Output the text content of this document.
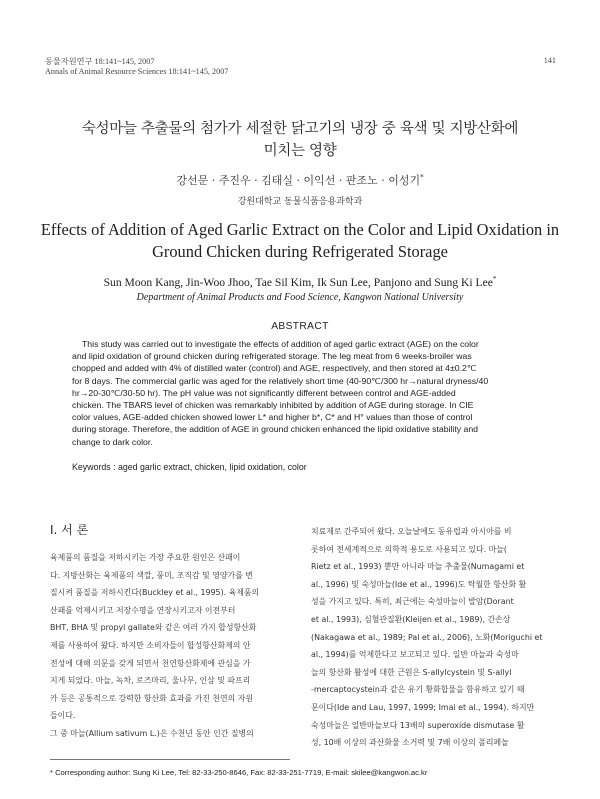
동물자원연구 18:141~145, 2007
Annals of Animal Resource Sciences 18:141~145, 2007
141
숙성마늘 추출물의 첨가가 세절한 닭고기의 냉장 중 육색 및 지방산화에
미치는 영향
강선문 · 주진우 · 김태실 · 이익선 · 판조노 · 이성기*
강원대학교 동물식품응용과학과
Effects of Addition of Aged Garlic Extract on the Color and Lipid Oxidation in
Ground Chicken during Refrigerated Storage
Sun Moon Kang, Jin-Woo Jhoo, Tae Sil Kim, Ik Sun Lee, Panjono and Sung Ki Lee*
Department of Animal Products and Food Science, Kangwon National University
ABSTRACT

This study was carried out to investigate the effects of addition of aged garlic extract (AGE) on the color

and lipid oxidation of ground chicken during refrigerated storage. The leg meat from 6 weeks-broiler was

chopped and added with 4% of distilled water (control) and AGE, respectively, and then stored at 4±0.2℃

for 8 days. The commercial garlic was aged for the relatively short time (40-90℃/300 hr→natural dryness/40

hr→20-30℃/30-50 hr). The pH value was not significantly different between control and AGE-added

chicken. The TBARS level of chicken was remarkably inhibited by addition of AGE during storage. In CIE

color values, AGE-added chicken showed lower L* and higher b*, C* and H° values than those of control

during storage. Therefore, the addition of AGE in ground chicken enhanced the lipid oxidative stability and

change to dark color.

Keywords : aged garlic extract, chicken, lipid oxidation, color
Ⅰ. 서 론

육제품의 품질을 저하시키는 가장 주요한 원인은 산패이

다. 지방산화는 육제품의 색깔, 풍미, 조직감 및 영양가를 변

질시켜 품질을 저하시킨다(Buckley et al., 1995). 육제품의

산패를 억제시키고 저장수명을 연장시키고자 이전부터

BHT, BHA 및 propyl gallate와 같은 여러 가지 합성항산화

제를 사용하여 왔다. 하지만 소비자들이 합성항산화제의 안

전성에 대해 의문을 갖게 되면서 천연항산화제에 관심을 가

지게 되었다. 마늘, 녹차, 로즈마리, 울나무, 인삼 및 파프리

카 등은 공통적으로 강력한 항산화 효과를 가진 천연의 자원

들이다.

그 중 마늘(Allium sativum L.)은 수천년 동안 인간 질병의

치료제로 간주되어 왔다. 오늘날에도 동유럽과 아시아를 비

롯하여 전세계적으로 의학적 용도로 사용되고 있다. 마늘(

Rietz et al., 1993) 뿐만 아니라 마늘 추출물(Numagami et

al., 1996) 및 숙성마늘(Ide et al., 1996)도 탁월한 항산화 활

성을 가지고 있다. 특히, 최근에는 숙성마늘이 발암(Dorant

et al., 1993), 심혈관질환(Kleijen et al., 1989), 간손상

(Nakagawa et al., 1989; Pal et al., 2006), 노화(Moriguchi et

al., 1994)를 억제한다고 보고되고 있다. 일반 마늘과 숙성마

늘의 항산화 활성에 대한 근원은 S-allylcystein 및 S-allyl

-mercaptocystein과 같은 유기 황화합물을 함유하고 있기 때

문이다(Ide and Lau, 1997, 1999; Imai et al., 1994). 하지만

숙성마늘은 일반마늘보다 13배의 superoxide dismutase 활

성, 10배 이상의 과산화물 소거력 및 7배 이상의 폴리페놀

* Corresponding author: Sung Ki Lee, Tel: 82-33-250-8646, Fax: 82-33-251-7719, E-mail: skilee@kangwon.ac.kr
